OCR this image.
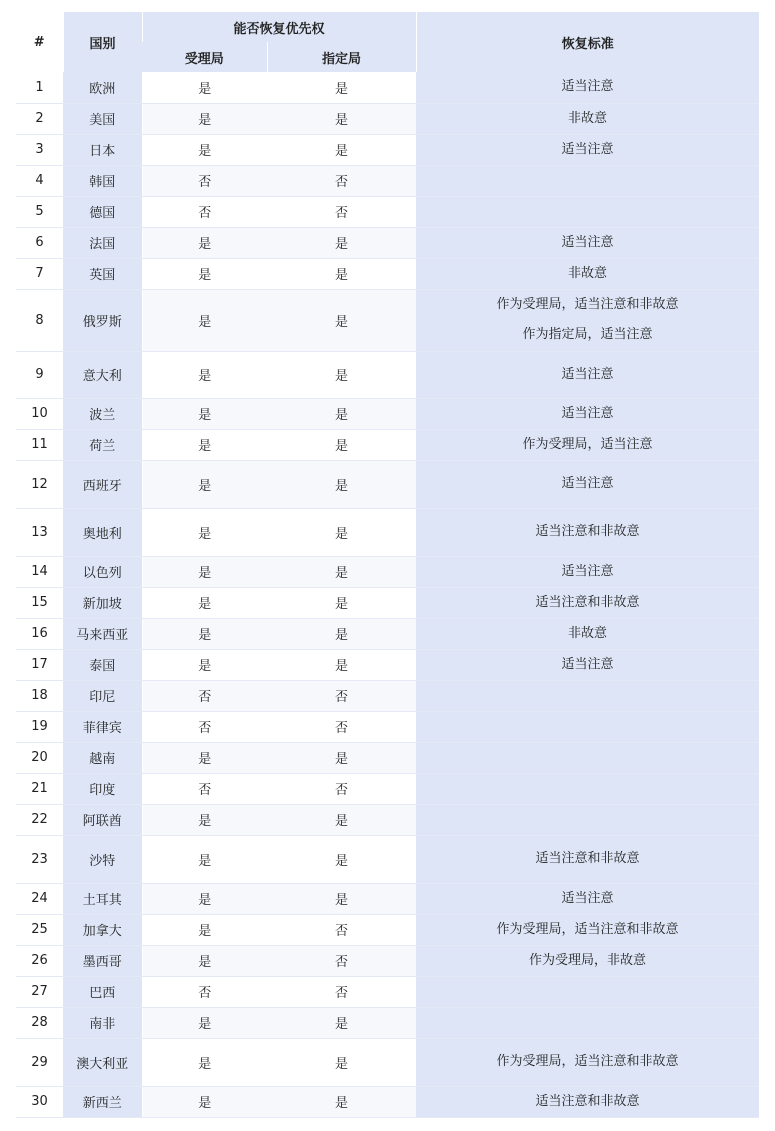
#	国别	能否恢复优先权		恢复标准
		受理局	指定局	
1	欧洲	是	是	适当注意

2	美国	是	是	非故意

3	日本	是	是	适当注意

4	韩国	否	否	
5	德国	否	否	
6	法国	是	是	适当注意

7	英国	是	是	非故意

8	俄罗斯	是	是	作为受理局，适当注意和非故意
作为指定局，适当注意

9	意大利	是	是	适当注意

10	波兰	是	是	适当注意

11	荷兰	是	是	作为受理局，适当注意

12	西班牙	是	是	适当注意

13	奥地利	是	是	适当注意和非故意

14	以色列	是	是	适当注意

15	新加坡	是	是	适当注意和非故意

16	马来西亚	是	是	非故意

17	泰国	是	是	适当注意

18	印尼	否	否	
19	菲律宾	否	否	
20	越南	是	是	
21	印度	否	否	
22	阿联酋	是	是	
23	沙特	是	是	适当注意和非故意

24	土耳其	是	是	适当注意

25	加拿大	是	否	作为受理局，适当注意和非故意

26	墨西哥	是	否	作为受理局，非故意

27	巴西	否	否	
28	南非	是	是	
29	澳大利亚	是	是	作为受理局，适当注意和非故意

30	新西兰	是	是	适当注意和非故意
